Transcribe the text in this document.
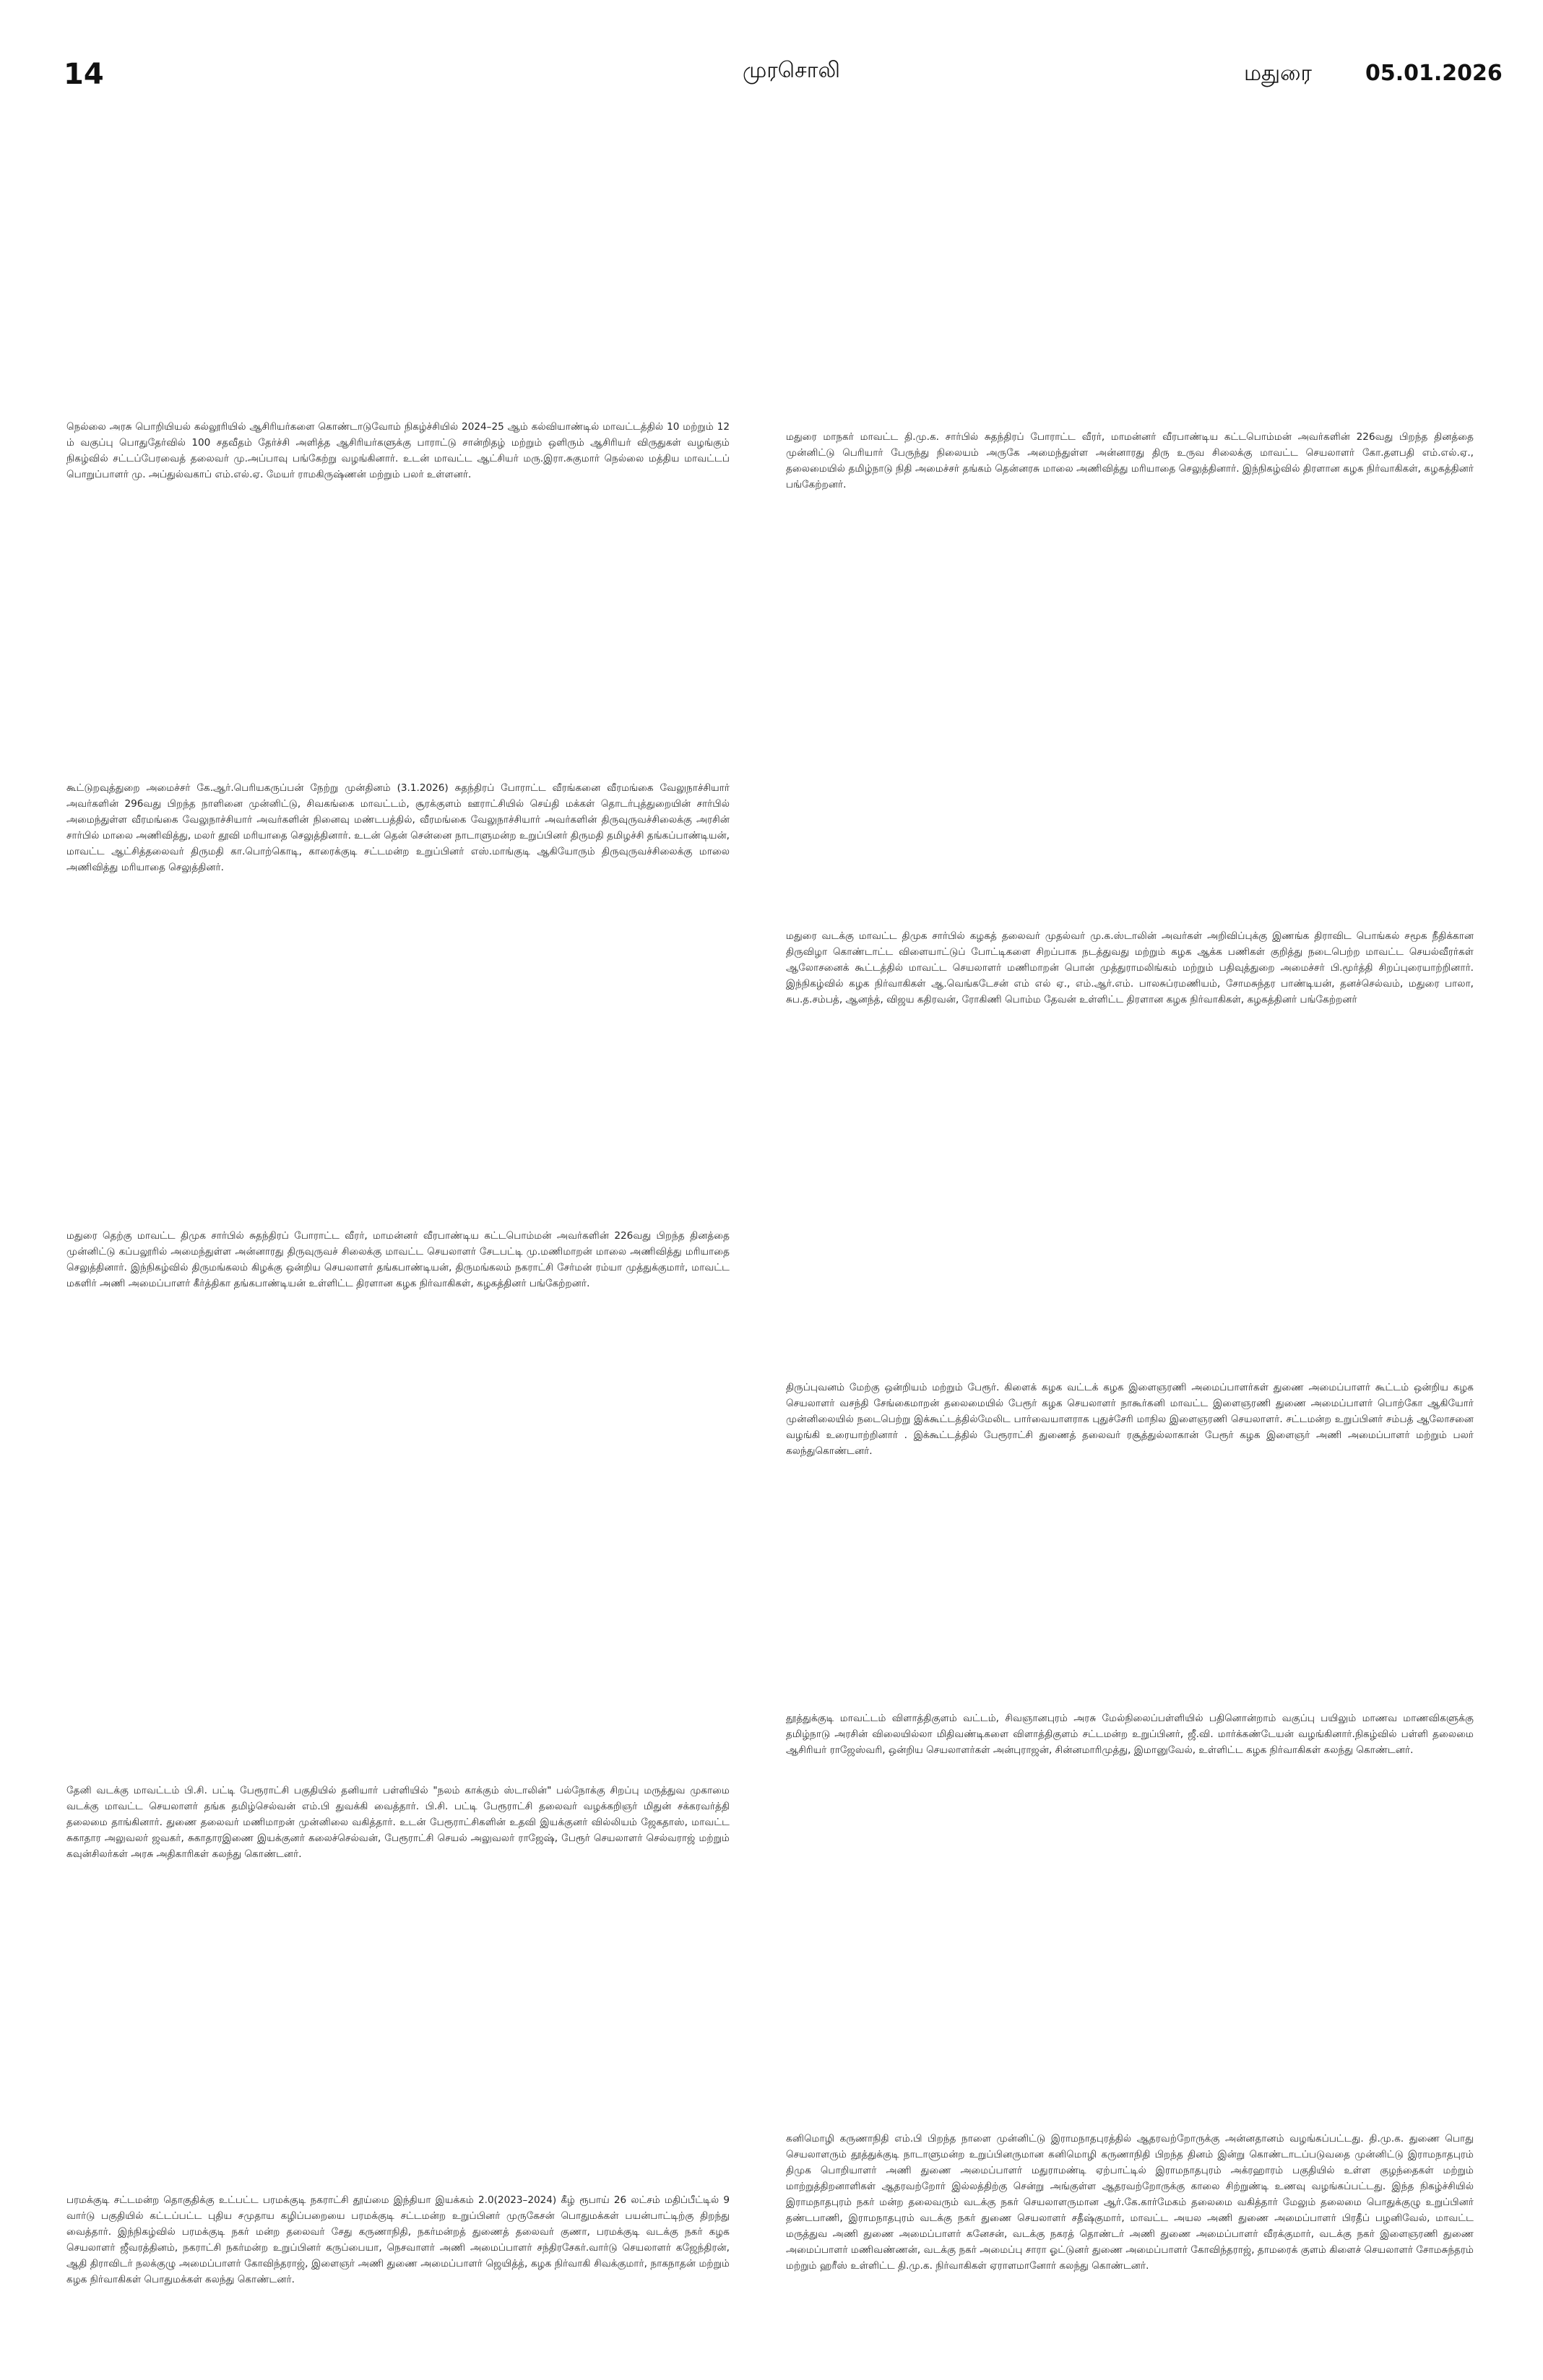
14	முரசொலி	மதுரை 05.01.2026

நெல்லை அரசு பொறியியல் கல்லூரியில் ஆசிரியர்களை கொண்டாடுவோம் நிகழ்ச்சியில் 2024–25 ஆம் கல்வியாண்டில் மாவட்டத்தில் 10 மற்றும் 12 ம் வகுப்பு பொதுதேர்வில் 100 சதவீதம் தேர்ச்சி அளித்த ஆசிரியர்களுக்கு பாராட்டு சான்றிதழ் மற்றும் ஒளிரும் ஆசிரியர் விருதுகள் வழங்கும் நிகழ்வில் சட்டப்பேரவைத் தலைவர் மு.அப்பாவு பங்கேற்று வழங்கினார். உடன் மாவட்ட ஆட்சியர் மரு.இரா.சுகுமார் நெல்லை மத்திய மாவட்டப் பொறுப்பாளர் மு. அப்துல்வகாப் எம்.எல்.ஏ. மேயர் ராமகிருஷ்ணன் மற்றும் பலர் உள்ளனர்.

மதுரை மாநகர் மாவட்ட தி.மு.க. சார்பில் சுதந்திரப் போராட்ட வீரர், மாமன்னர் வீரபாண்டிய கட்டபொம்மன் அவர்களின் 226வது பிறந்த தினத்தை முன்னிட்டு பெரியார் பேருந்து நிலையம் அருகே அமைந்துள்ள அன்னாரது திரு உருவ சிலைக்கு மாவட்ட செயலாளர் கோ.தளபதி எம்.எல்.ஏ., தலைமையில் தமிழ்நாடு நிதி அமைச்சர் தங்கம் தென்னரசு மாலை அணிவித்து மரியாதை செலுத்தினார். இந்நிகழ்வில் திரளான கழக நிர்வாகிகள், கழகத்தினர் பங்கேற்றனர்.

கூட்டுறவுத்துறை அமைச்சர் கே.ஆர்.பெரியகருப்பன் நேற்று முன்தினம் (3.1.2026) சுதந்திரப் போராட்ட வீரங்கனை வீரமங்கை வேலுநாச்சியார் அவர்களின் 296வது பிறந்த நாளினை முன்னிட்டு, சிவகங்கை மாவட்டம், சூரக்குளம் ஊராட்சியில் செய்தி மக்கள் தொடர்புத்துறையின் சார்பில் அமைந்துள்ள வீரமங்கை வேலுநாச்சியார் அவர்களின் நினைவு மண்டபத்தில், வீரமங்கை வேலுநாச்சியார் அவர்களின் திருவுருவச்சிலைக்கு அரசின் சார்பில் மாலை அணிவித்து, மலர் தூவி மரியாதை செலுத்தினார். உடன் தென் சென்னை நாடாளுமன்ற உறுப்பினர் திருமதி தமிழச்சி தங்கப்பாண்டியன், மாவட்ட ஆட்சித்தலைவர் திருமதி கா.பொற்கொடி, காரைக்குடி சட்டமன்ற உறுப்பினர் எஸ்.மாங்குடி ஆகியோரும் திருவுருவச்சிலைக்கு மாலை அணிவித்து மரியாதை செலுத்தினர்.

மதுரை வடக்கு மாவட்ட திமுக சார்பில் கழகத் தலைவர் முதல்வர் மு.க.ஸ்டாலின் அவர்கள் அறிவிப்புக்கு இணங்க திராவிட பொங்கல் சமூக நீதிக்கான திருவிழா கொண்டாட்ட விளையாட்டுப் போட்டிகளை சிறப்பாக நடத்துவது மற்றும் கழக ஆக்க பணிகள் குறித்து நடைபெற்ற மாவட்ட செயல்வீரர்கள் ஆலோசனைக் கூட்டத்தில் மாவட்ட செயலாளர் மணிமாறன் பொன் முத்துராமலிங்கம் மற்றும் பதிவுத்துறை அமைச்சர் பி.மூர்த்தி சிறப்புரையாற்றினார். இந்நிகழ்வில் கழக நிர்வாகிகள் ஆ.வெங்கடேசன் எம் எல் ஏ., எம்.ஆர்.எம். பாலசுப்ரமணியம், சோமசுந்தர பாண்டியன், தனச்செல்வம், மதுரை பாலா, சுப.த.சம்பத், ஆனந்த், விஜய கதிரவன், ரோகிணி பொம்ம தேவன் உள்ளிட்ட திரளான கழக நிர்வாகிகள், கழகத்தினர் பங்கேற்றனர்

மதுரை தெற்கு மாவட்ட திமுக சார்பில் சுதந்திரப் போராட்ட வீரர், மாமன்னர் வீரபாண்டிய கட்டபொம்மன் அவர்களின் 226வது பிறந்த தினத்தை முன்னிட்டு கப்பலூரில் அமைந்துள்ள அன்னாரது திருவுருவச் சிலைக்கு மாவட்ட செயலாளர் சேடபட்டி மு.மணிமாறன் மாலை அணிவித்து மரியாதை செலுத்தினார். இந்நிகழ்வில் திருமங்கலம் கிழக்கு ஒன்றிய செயலாளர் தங்கபாண்டியன், திருமங்கலம் நகராட்சி சேர்மன் ரம்யா முத்துக்குமார், மாவட்ட மகளிர் அணி அமைப்பாளர் கீர்த்திகா தங்கபாண்டியன் உள்ளிட்ட திரளான கழக நிர்வாகிகள், கழகத்தினர் பங்கேற்றனர்.

திருப்புவனம் மேற்கு ஒன்றியம் மற்றும் பேரூர். கிளைக் கழக வட்டக் கழக இளைஞரணி அமைப்பாளர்கள் துணை அமைப்பாளர் கூட்டம் ஒன்றிய கழக செயலாளர் வசந்தி சேங்கைமாறன் தலைமையில் பேரூர் கழக செயலாளர் நாகூர்கனி மாவட்ட இளைஞரணி துணை அமைப்பாளர் பொற்கோ ஆகியோர் முன்னிலையில் நடைபெற்று இக்கூட்டத்தில்மேலிட பார்வையாளராக புதுச்சேரி மாநில இளைஞரணி செயலாளர். சட்டமன்ற உறுப்பினர் சம்பத் ஆலோசனை வழங்கி உரையாற்றினார் . இக்கூட்டத்தில் பேரூராட்சி துணைத் தலைவர் ரசூத்துல்லாகான் பேரூர் கழக இளைஞர் அணி அமைப்பாளர் மற்றும் பலர் கலந்துகொண்டனர்.

தூத்துக்குடி மாவட்டம் விளாத்திகுளம் வட்டம், சிவஞானபுரம் அரசு மேல்நிலைப்பள்ளியில் பதினொன்றாம் வகுப்பு பயிலும் மாணவ மாணவிகளுக்கு தமிழ்நாடு அரசின் விலையில்லா மிதிவண்டிகளை விளாத்திகுளம் சட்டமன்ற உறுப்பினர், ஜீ.வி. மார்க்கண்டேயன் வழங்கினார்.நிகழ்வில் பள்ளி தலைமை ஆசிரியர் ராஜேஸ்வரி, ஒன்றிய செயலாளர்கள் அன்புராஜன், சின்னமாரிமுத்து, இமானுவேல், உள்ளிட்ட கழக நிர்வாகிகள் கலந்து கொண்டனர்.

தேனி வடக்கு மாவட்டம் பி.சி. பட்டி பேரூராட்சி பகுதியில் தனியார் பள்ளியில் "நலம் காக்கும் ஸ்டாலின்" பல்நோக்கு சிறப்பு மருத்துவ முகாமை வடக்கு மாவட்ட செயலாளர் தங்க தமிழ்செல்வன் எம்.பி துவக்கி வைத்தார். பி.சி. பட்டி பேரூராட்சி தலைவர் வழக்கறிஞர் மிதுன் சக்கரவர்த்தி தலைமை தாங்கினார். துணை தலைவர் மணிமாறன் முன்னிலை வகித்தார். உடன் பேரூராட்சிகளின் உதவி இயக்குனர் வில்லியம் ஜேகதாஸ், மாவட்ட சுகாதார அலுவலர் ஜவகர், சுகாதாரஇணை இயக்குனர் கலைச்செல்வன், பேரூராட்சி செயல் அலுவலர் ராஜேஷ், பேரூர் செயலாளர் செல்வராஜ் மற்றும் கவுன்சிலர்கள் அரசு அதிகாரிகள் கலந்து கொண்டனர்.

கனிமொழி கருணாநிதி எம்.பி பிறந்த நாளை முன்னிட்டு இராமநாதபுரத்தில் ஆதரவற்றோருக்கு அன்னதானம் வழங்கப்பட்டது. தி.மு.க. துணை பொது செயலாளரும் தூத்துக்குடி நாடாளுமன்ற உறுப்பினருமான கனிமொழி கருணாநிதி பிறந்த தினம் இன்று கொண்டாடப்படுவதை முன்னிட்டு இராமநாதபுரம் திமுக பொறியாளர் அணி துணை அமைப்பாளர் மதுராமண்டி ஏற்பாட்டில் இராமநாதபுரம் அக்ரஹாரம் பகுதியில் உள்ள குழந்தைகள் மற்றும் மாற்றுத்திறனாளிகள் ஆதரவற்றோர் இல்லத்திற்கு சென்று அங்குள்ள ஆதரவற்றோருக்கு காலை சிற்றுண்டி உணவு வழங்கப்பட்டது. இந்த நிகழ்ச்சியில் இராமநாதபுரம் நகர் மன்ற தலைவரும் வடக்கு நகர் செயலாளருமான ஆர்.கே.கார்மேகம் தலைமை வகித்தார் மேலும் தலைமை பொதுக்குழு உறுப்பினர் தண்டபாணி, இராமநாதபுரம் வடக்கு நகர் துணை செயலாளர் சதீஷ்குமார், மாவட்ட அயல அணி துணை அமைப்பாளர் பிரதீப் பழனிவேல், மாவட்ட மருத்துவ அணி துணை அமைப்பாளர் கனேசன், வடக்கு நகரத் தொண்டர் அணி துணை அமைப்பாளர் வீரக்குமார், வடக்கு நகர் இளைஞரணி துணை அமைப்பாளர் மணிவண்ணன், வடக்கு நகர் அமைப்பு சாரா ஓட்டுனர் துணை அமைப்பாளர் கோவிந்தராஜ், தாமரைக் குளம் கிளைச் செயலாளர் சோமசுந்தரம் மற்றும் ஹரீஸ் உள்ளிட்ட தி.மு.க. நிர்வாகிகள் ஏராளமானோர் கலந்து கொண்டனர்.

பரமக்குடி சட்டமன்ற தொகுதிக்கு உட்பட்ட பரமக்குடி நகராட்சி தூய்மை இந்தியா இயக்கம் 2.0(2023–2024) கீழ் ரூபாய் 26 லட்சம் மதிப்பீட்டில் 9 வார்டு பகுதியில் கட்டப்பட்ட புதிய சமுதாய கழிப்பறையை பரமக்குடி சட்டமன்ற உறுப்பினர் முருகேசன் பொதுமக்கள் பயன்பாட்டிற்கு திறந்து வைத்தார். இந்நிகழ்வில் பரமக்குடி நகர் மன்ற தலைவர் சேது கருணாநிதி, நகர்மன்றத் துணைத் தலைவர் குணா, பரமக்குடி வடக்கு நகர் கழக செயலாளர் ஜீவரத்தினம், நகராட்சி நகர்மன்ற உறுப்பினர் கருப்பையா, நெசவாளர் அணி அமைப்பாளர் சந்திரசேகர்.வார்டு செயலாளர் கஜேந்திரன், ஆதி திராவிடர் நலக்குழு அமைப்பாளர் கோவிந்தராஜ், இளைஞர் அணி துணை அமைப்பாளர் ஜெயித்த், கழக நிர்வாகி சிவக்குமார், நாகநாதன் மற்றும் கழக நிர்வாகிகள் பொதுமக்கள் கலந்து கொண்டனர்.
